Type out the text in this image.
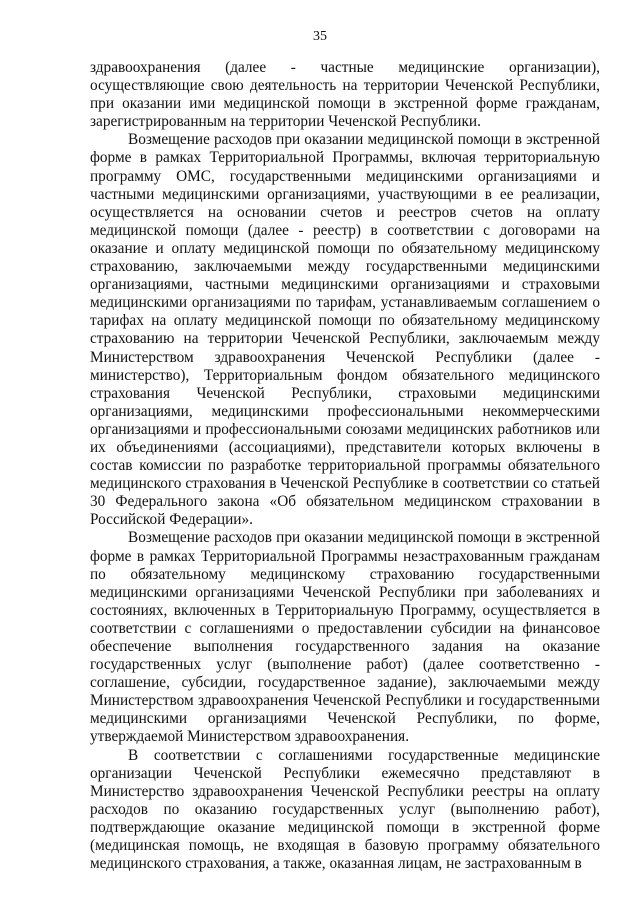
35

здравоохранения (далее - частные медицинские организации), осуществляющие свою деятельность на территории Чеченской Республики, при оказании ими медицинской помощи в экстренной форме гражданам, зарегистрированным на территории Чеченской Республики.

Возмещение расходов при оказании медицинской помощи в экстренной форме в рамках Территориальной Программы, включая территориальную программу ОМС, государственными медицинскими организациями и частными медицинскими организациями, участвующими в ее реализации, осуществляется на основании счетов и реестров счетов на оплату медицинской помощи (далее - реестр) в соответствии с договорами на оказание и оплату медицинской помощи по обязательному медицинскому страхованию, заключаемыми между государственными медицинскими организациями, частными медицинскими организациями и страховыми медицинскими организациями по тарифам, устанавливаемым соглашением о тарифах на оплату медицинской помощи по обязательному медицинскому страхованию на территории Чеченской Республики, заключаемым между Министерством здравоохранения Чеченской Республики (далее - министерство), Территориальным фондом обязательного медицинского страхования Чеченской Республики, страховыми медицинскими организациями, медицинскими профессиональными некоммерческими организациями и профессиональными союзами медицинских работников или их объединениями (ассоциациями), представители которых включены в состав комиссии по разработке территориальной программы обязательного медицинского страхования в Чеченской Республике в соответствии со статьей 30 Федерального закона «Об обязательном медицинском страховании в Российской Федерации».

Возмещение расходов при оказании медицинской помощи в экстренной форме в рамках Территориальной Программы незастрахованным гражданам по обязательному медицинскому страхованию государственными медицинскими организациями Чеченской Республики при заболеваниях и состояниях, включенных в Территориальную Программу, осуществляется в соответствии с соглашениями о предоставлении субсидии на финансовое обеспечение выполнения государственного задания на оказание государственных услуг (выполнение работ) (далее соответственно - соглашение, субсидии, государственное задание), заключаемыми между Министерством здравоохранения Чеченской Республики и государственными медицинскими организациями Чеченской Республики, по форме, утверждаемой Министерством здравоохранения.

В соответствии с соглашениями государственные медицинские организации Чеченской Республики ежемесячно представляют в Министерство здравоохранения Чеченской Республики реестры на оплату расходов по оказанию государственных услуг (выполнению работ), подтверждающие оказание медицинской помощи в экстренной форме (медицинская помощь, не входящая в базовую программу обязательного медицинского страхования, а также, оказанная лицам, не застрахованным в
